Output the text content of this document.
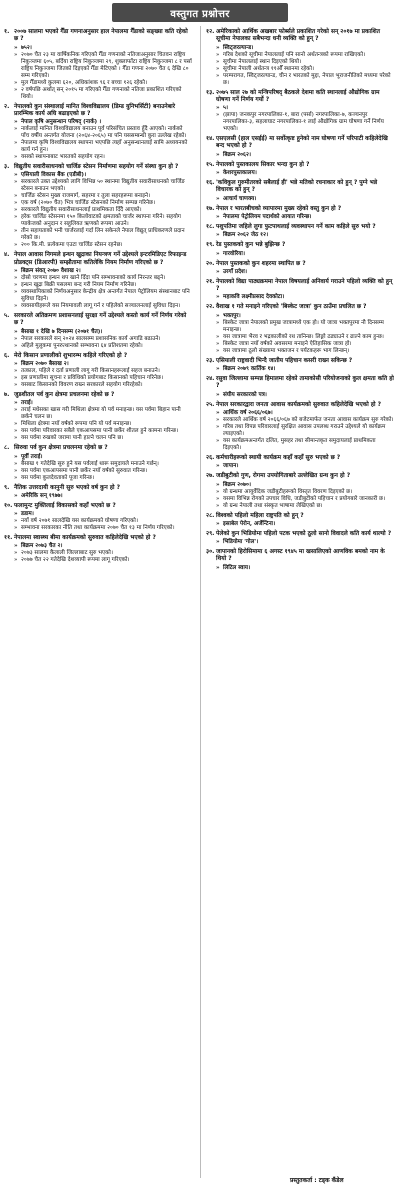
वस्तुगत प्रश्नोत्तर
१. २००७ सालमा भएको गैँडा गणनाअनुसार हाल नेपालमा गैँडाको सङ्ख्या कति रहेको छ ?
» ७५२।
» २०७० चैत २३ मा वार्षिकनिक गरिएको गैँडा गणनाको नतिजाअनुसार चितवन राष्ट्रिय निकुञ्जमा ६०५, बर्दिया राष्ट्रिय निकुञ्जमा २९, शुक्लाफाँटा राष्ट्रिय निकुञ्जमा ८ र पर्सा राष्ट्रिय निकुञ्जमा जितको दिइएको गैँडा मेटिएको । गैँडा गणना २०७० चैत ६ देखि ८० सम्म गरिएको।
» मुल गैँडामध्ये कुलमा ६२०, अधिकांशक ९६ र बच्चा १२६ रहेको।
» २ वर्षपछि अर्थात् सन् २०१५ मा गरिएको गैँडा गणनाको नतिजा प्रकाशित गरिएको थियो।
२. नेपालको कुन संस्थालाई मानित विश्वविद्यालय (डिम्ड युनिभर्सिटी) बनाउनेबारे प्रारम्भिक कार्य अघि बढाइएको छ ?
» नेपाल कृषि अनुसन्धान परिषद् (नार्क) ।
» नार्कलाई मानित विश्वविद्यालय बनाउन पूर्व परिसंचित प्रस्ताव हुँदै आएको। नार्कको पाँच वर्षीय अन्तर्गत योजना (२०६४-२०६५) मा पनि यससम्बन्धी कुरा उल्लेख रहेको।
» नेपालमा कृषि विश्वविद्यालय स्थापना भएपछि त्यहाँ अनुसन्धानलाई सामि अध्ययनको कार्य गर्न हुन।
» यसको स्थापनाबाट भारतको सहयोग रहन।
३. विद्युतीय सवारीसाधनको चार्जिङ स्टेसन निर्माणमा सहयोग गर्ने संस्था कुन हो ?
» एसियाली विकास बैंक (एडीबी)।
» सरकारले उक्त उद्देश्यको लागि विभिन्न ५० स्थानमा विद्युतीय सवारीसाधनको चार्जिङ स्टेसन बनाउन भएको।
» चार्जिङ स्टेसन मुख्य राजमार्ग, सहरमा र तुला सहरहरूमा बनाइने।
» एक वर्ष (२०७० चैत) भित्र चार्जिङ स्टेसनको निर्माण सम्पन्न गरिनेछ।
» सरकारले विद्युतीय सवारीसाधनलाई प्राथमिकता दिँदै आएको।
» हरेक चार्जिङ स्टेसनमा १५० किलोवाटको क्षमताको चार्जर स्थापना गरिने। सहयोग प्याकेजको अनुदान र सहुलियत ऋणको रूपमा आउने।
» तीन सहायताको भनी चार्जरलाई गर्दा लिन सकेनले नेपाल विद्युत् प्राधिकरणले प्रदान गरेको छ।
» २०० कि.मी. प्रत्येकमा एउटा चार्जिङ स्टेसन रहनेछ।
४. नेपाल आवास निगमले इन्धन खुद्राका नियन्त्रण गर्ने उद्देश्यले इन्टरमिडिएट रिफाइन्ड प्रोडक्ट्स (डिआरपी) सम्झौतामा कतिलेकि नियम निर्माण गरिएको छ ?
» बिक्रम संवत् २०७० वैशाख २।
» दोस्रो चरणमा इन्धन थप खाने दिँदा पनि सम्भावनाको कार्य निरन्तर बढ्ने।
» इन्धन खुद्रा बिक्री पसलमा बन्द गरी नियम निर्माण गरिनेछ।
» व्यवस्थापिकाको निर्णयअनुसार केन्द्रीय क्षेत्र अन्तर्गत नेपाल पेट्रोलियम संस्थानबाट पनि सुविधा दिइने।
» व्यवसायीहरूले यस नियमावली लागू गर्न र पहिलेको सञ्चालनलाई सुविधा दिइन।
५. सरकारले अतिक्रमण प्रशासनलाई सुरक्षा गर्ने उद्देश्यले कस्तो कार्य गर्ने निर्णय गरेको छ ?
» बैसाख १ देखि ७ दिनसम्म (२०७१ चैत)।
» नेपाल सरकारले सन् २०२४ सालसम्म प्रशासनिक कार्य अगाडि बढाउने।
» अहिले मुलुकमा पुनरुत्थानको सम्भावना ६४ प्रतिशतमा रहेको।
६. मेरो किसान प्रणालीको शुभारम्भ कहिले गरिएको हो ?
» बिक्रम २०७० बैसाख २।
» तत्काल, पहिले र दर्ता प्रणाली लागू गरी किसानहरूलाई सहज बनाउने।
» इस प्रणालीमा सूचना र प्रविधिको प्रयोगबाट किसानको पहिचान गरिनेछ।
» यसबाट किसानको विवरण राख्न सरकारले सहयोग गरिरहेको।
७. जुडशीतल पर्व कुन क्षेत्रमा प्रचलनमा रहेको छ ?
» तराई।
» तराई मधेसका खास गरी मिथिला क्षेत्रमा यो पर्व मनाइन्छ। यस पर्वमा बिहान पानी छर्कने चलन छ।
» मिथिला क्षेत्रमा नयाँ वर्षको रूपमा पनि यो पर्व मनाइन्छ।
» यस पर्वमा परिवारका सबैले एकआपसमा पानी छर्केर शीतल हुने कामना गरिन्छ।
» यस पर्वमा रुखको जरामा पानी हाल्ने चलन पनि छ।
८. सिरुवा पर्व कुन क्षेत्रमा प्रचलनमा रहेको छ ?
» पूर्वी तराई।
» बैसाख १ गतेदेखि सुरु हुने यस पर्वलाई थारू समुदायले मनाउने गर्छन्।
» यस पर्वमा एकआपसमा पानी छर्केर नयाँ वर्षको सुरुवात गरिन्छ।
» यस पर्वमा कुलदेवताको पूजा गरिन्छ।
९. नैतिक उत्तरदायी कानुनी सुरु भएको वर्ष कुन हो ?
» अमेरिकि सन् १९७७।
१०. फलामुन्ट मुक्तिलाई विकासको कहाँ भएको छ ?
» डडाम।
» नयाँ वर्ष २०७१ सालदेखि यस कार्यक्रमको घोषणा गरिएको।
» सम्भावना सरकारका नीति तथा कार्यक्रममा २०७० चैत १३ मा निर्णय गरिएको।
११. नेपालमा स्वास्थ्य बीमा कार्यक्रमको सुरुवात कहिलेदेखि भएको हो ?
» बिक्रम २०७३ चैत २।
» २०७३ सालमा कैलाली जिल्लाबाट सुरु भएको।
» २०७७ चैत २२ गतेदेखि देशव्यापी रूपमा लागू गरिएको।
१२. अमेरिकाको आर्थिक अखबार फोर्ब्सले प्रकाशित गरेको सन् २०१७ मा प्रकाशित सूचीमा नेपालका सबैभन्दा धनी व्यक्ति को हुन् ?
» स्विट्जरल्यान्ड।
» गरिब देशको सूचीमा नेपाललाई पनि सानो अर्थतन्त्रको रूपमा राखिएको।
» सूचीमा नेपाललाई स्थान दिइएको थियो।
» सूचीमा नेपाली अर्थतन्त्र ११औँ स्थानमा रहेको।
» परम्परागत, स्विट्जरल्यान्ड, चीन र भारतको मुद्दा, नेपाल भूराजनीतिको मध्यमा परेको छ।
१३. २०७५ साल २७ को मन्त्रिपरिषद् बैठकले देशमा कति स्थानलाई औद्योगिक ग्राम घोषणा गर्ने निर्णय गर्यो ?
» ५।
» (झापा) जनकपुर नगरपालिका-१, बारा (पर्सा) नगरपालिका-७, कञ्चनपुर नगरपालिका-३, सहलाघाट नगरपालिका-१ लाई औद्योगिक ग्राम घोषणा गर्ने निर्णय भएको।
१४. एसएलसी (हाल एसईई) मा सर्वोत्कृष्ट हुनेको नाम घोषणा गर्ने परिपाटी कहिलेदेखि बन्द भएको हो ?
» बिक्रम २०६२।
१५. नेपालको पुस्तकालय सिकार भन्दा कुन हो ?
» केशरपुस्तकालय।
१६. 'कविकुल गुरुमीतरको सबैलाई ही' भन्ने मतिको रचनाकार को हुन् ? पुग्ने भन्ने विचारक को हुन् ?
» आचार्य चाणक्य।
१७. नेपाल र भारतबीचको व्यापारमा मुख्य रहेको वस्तु कुन हो ?
» नेपालमा पेट्रोलियम पदार्थको आयात गरिन्छ।
१८. पशुपतिमा जहिले लुगा फुटपाथलाई व्यवस्थापन गर्ने काम कहिले सुरु भयो ?
» बिक्रम २०६२ जेठ १२।
१९. रेड पुस्तकको कुन भन्ने बुझिन्छ ?
» गारवोरिया।
२०. नेपाल पुस्तकको कुन शहरमा स्थापित छ ?
» उरगाँ प्रदेश।
२१. नेपालको विद्या पाठ्यक्रममा नेपाल विषयलाई अनिवार्य गराउने पहिलो व्यक्ति को हुन् ?
» महाकवि लक्ष्मीप्रसाद देवकोटा।
२२. वैशाख १ गते मनाइने गरिएको 'बिस्केट जात्रा' कुन ठाउँमा प्रचलित छ ?
» भक्तपुर।
» बिस्केट जात्रा नेपालको प्रमुख जात्रामध्ये एक हो। यो जात्रा भक्तपुरमा नौ दिनसम्म मनाइन्छ।
» यस जात्रामा भैरव र भद्रकालीको रथ तानिन्छ। लिङ्गो ठड्याउने र ढाल्ने काम हुन्छ।
» बिस्केट जात्रा नयाँ वर्षको अवसरमा मनाइने ऐतिहासिक जात्रा हो।
» यस जात्रामा ठूलो संख्यामा भक्तजन र पर्यटकहरू भाग लिन्छन्।
२३. एसियाली राष्ट्रवादी भिन्दै जातीय पहिचान कसरी राख्न सकिन्छ ?
» बिक्रम २०७९ कार्तिक १४।
२४. रसुवा जिल्लामा सम्पन्न हिमालमा रहेको तामाकोसी परियोजनाको कुल क्षमता कति हो ?
» संघीय सरकारको पत्र।
२५. नेपाल सरकारद्वारा जनता आवास कार्यक्रमको सुरुवात कहिलेदेखि भएको हो ?
» आर्थिक वर्ष २०६६/०६७।
» सरकारले आर्थिक वर्ष २०६६/०६७ को बजेटमार्फत जनता आवास कार्यक्रम सुरु गरेको।
» गरिब तथा विपन्न परिवारलाई सुरक्षित आवास उपलब्ध गराउने उद्देश्यले यो कार्यक्रम ल्याइएको।
» यस कार्यक्रमअन्तर्गत दलित, मुसहर तथा सीमान्तकृत समुदायलाई प्राथमिकता दिइएको।
२६. कर्मचारीहरूको स्थायी कार्यक्रम कहाँ कहाँ सुरु भएको छ ?
» जापान।
२७. जडीबुटीको गुण, रोगमा उपयोगिताबारे उल्लेखित ग्रन्थ कुन हो ?
» बिक्रम २०७०।
» यो ग्रन्थमा आयुर्वेदिक जडीबुटीहरूको विस्तृत विवरण दिइएको छ।
» यसमा विभिन्न रोगको उपचार विधि, जडीबुटीको पहिचान र प्रयोगबारे जानकारी छ।
» यो ग्रन्थ नेपाली तथा संस्कृत भाषामा लेखिएको छ।
२८. विश्वको पहिलो महिला राष्ट्रपति को हुन् ?
» इसाबेल पेरोन, अर्जेन्टिना।
२९. पेलेको कुन भिडियोमा पहिलो पटक भएको ठूलो सानो विवादले कति कार्य थाल्यो ?
» भिडियोमा 'गोल'।
३०. जापानको हिरोसिमामा ६ अगस्ट १९४५ मा खसालिएको आणविक बमको नाम के थियो ?
» लिटिल ब्वाय।
प्रस्तुतकर्ता : टड्क कँडेल
